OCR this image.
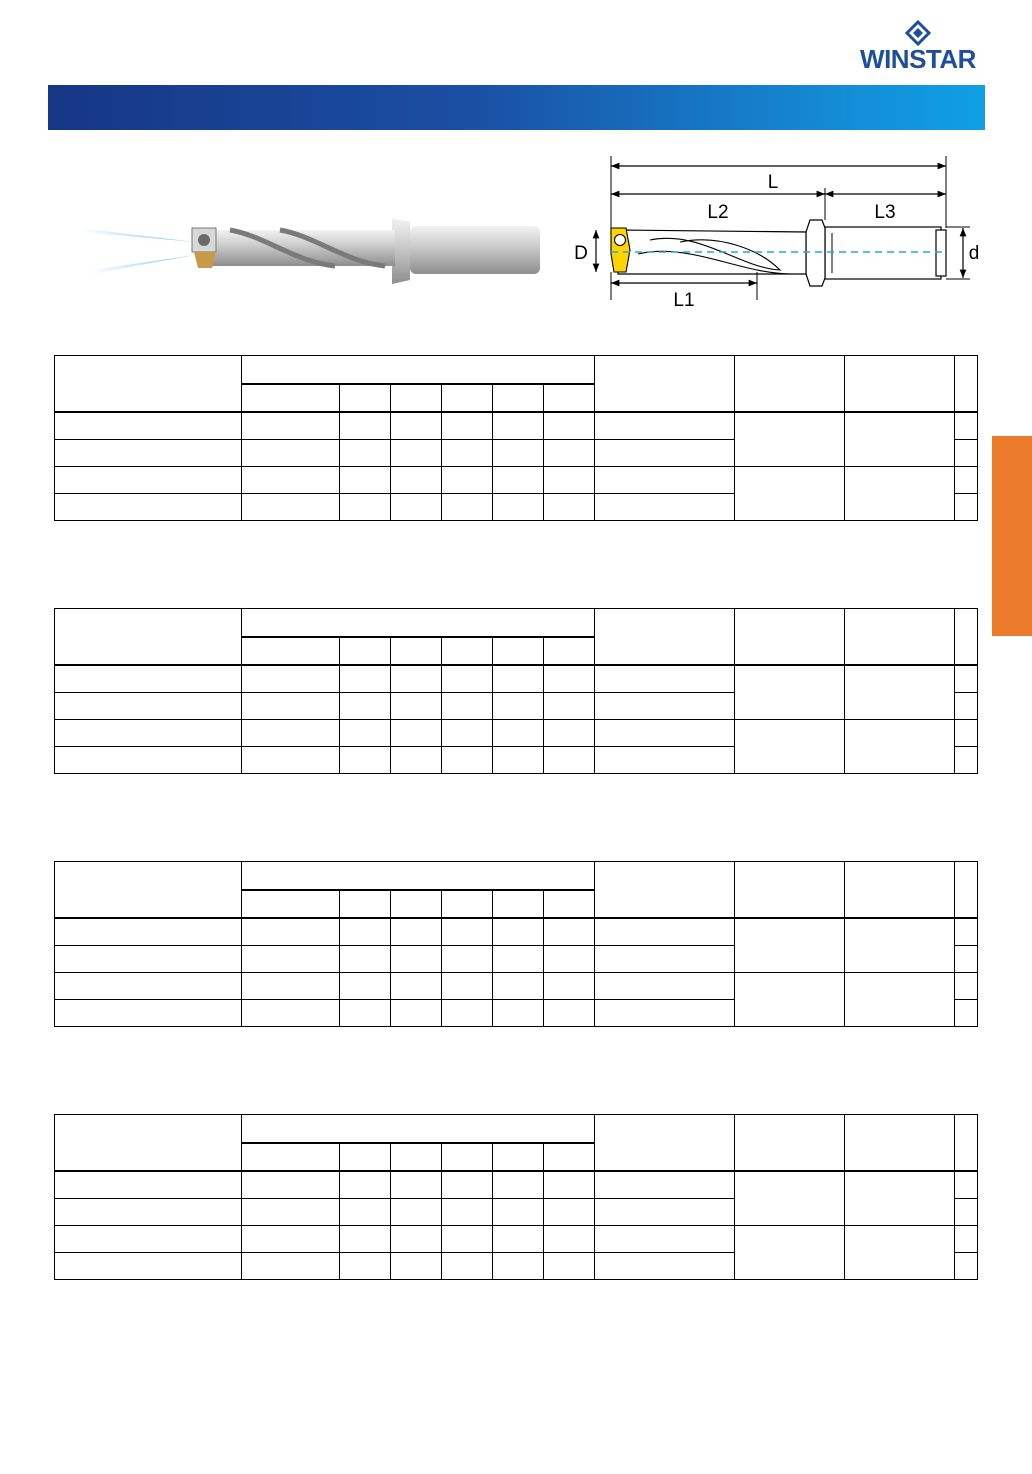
WINSTAR
L
L2	L3
D	d
L1
